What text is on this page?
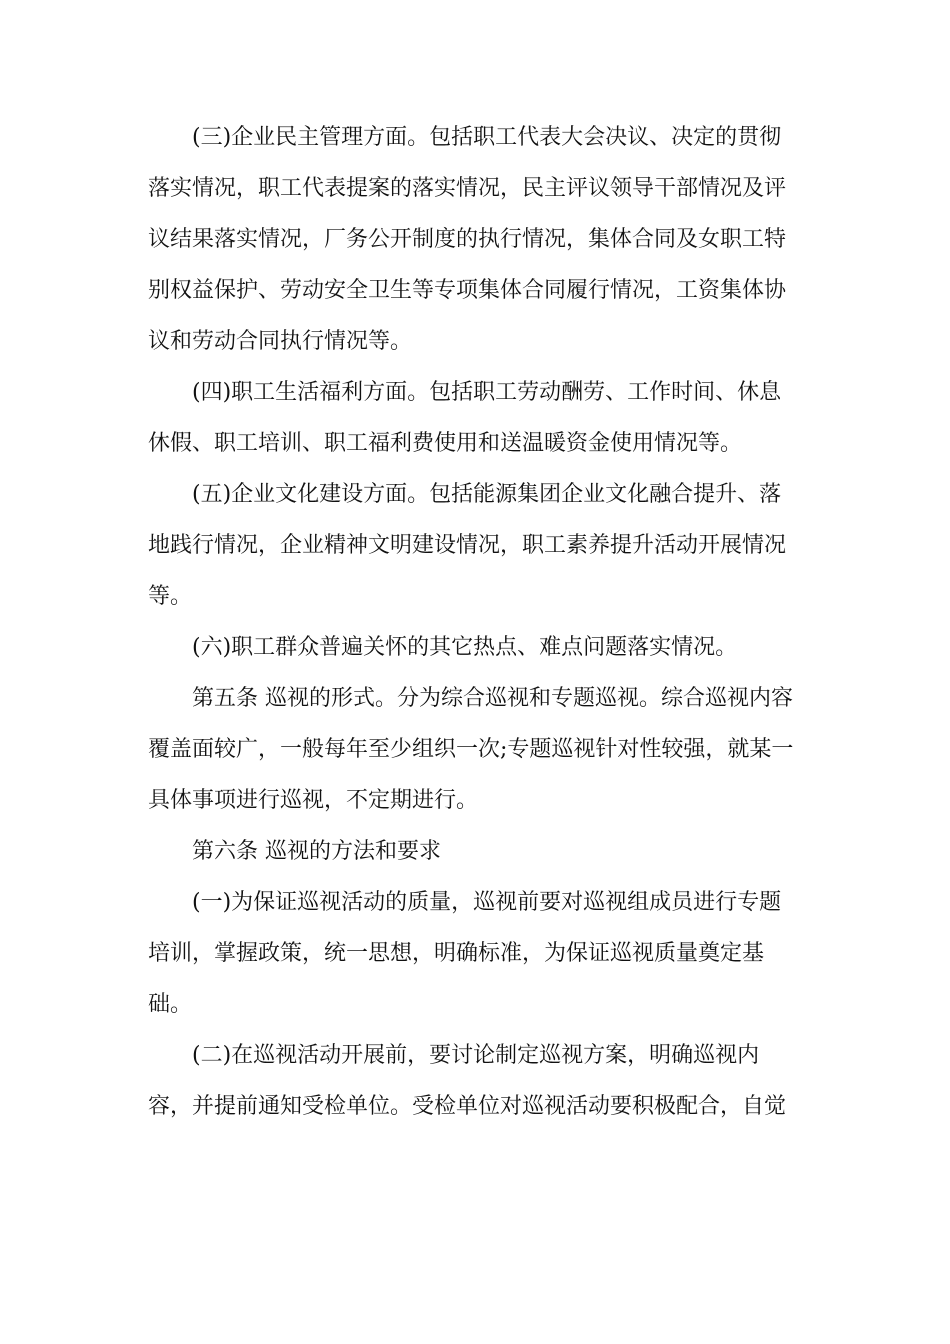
(三)企业民主管理方面。包括职工代表大会决议、决定的贯彻
落实情况，职工代表提案的落实情况，民主评议领导干部情况及评
议结果落实情况，厂务公开制度的执行情况，集体合同及女职工特
别权益保护、劳动安全卫生等专项集体合同履行情况，工资集体协
议和劳动合同执行情况等。
(四)职工生活福利方面。包括职工劳动酬劳、工作时间、休息
休假、职工培训、职工福利费使用和送温暖资金使用情况等。
(五)企业文化建设方面。包括能源集团企业文化融合提升、落
地践行情况，企业精神文明建设情况，职工素养提升活动开展情况
等。
(六)职工群众普遍关怀的其它热点、难点问题落实情况。
第五条 巡视的形式。分为综合巡视和专题巡视。综合巡视内容
覆盖面较广，一般每年至少组织一次;专题巡视针对性较强，就某一
具体事项进行巡视，不定期进行。
第六条 巡视的方法和要求
(一)为保证巡视活动的质量，巡视前要对巡视组成员进行专题
培训，掌握政策，统一思想，明确标准，为保证巡视质量奠定基
础。
(二)在巡视活动开展前，要讨论制定巡视方案，明确巡视内
容，并提前通知受检单位。受检单位对巡视活动要积极配合，自觉
